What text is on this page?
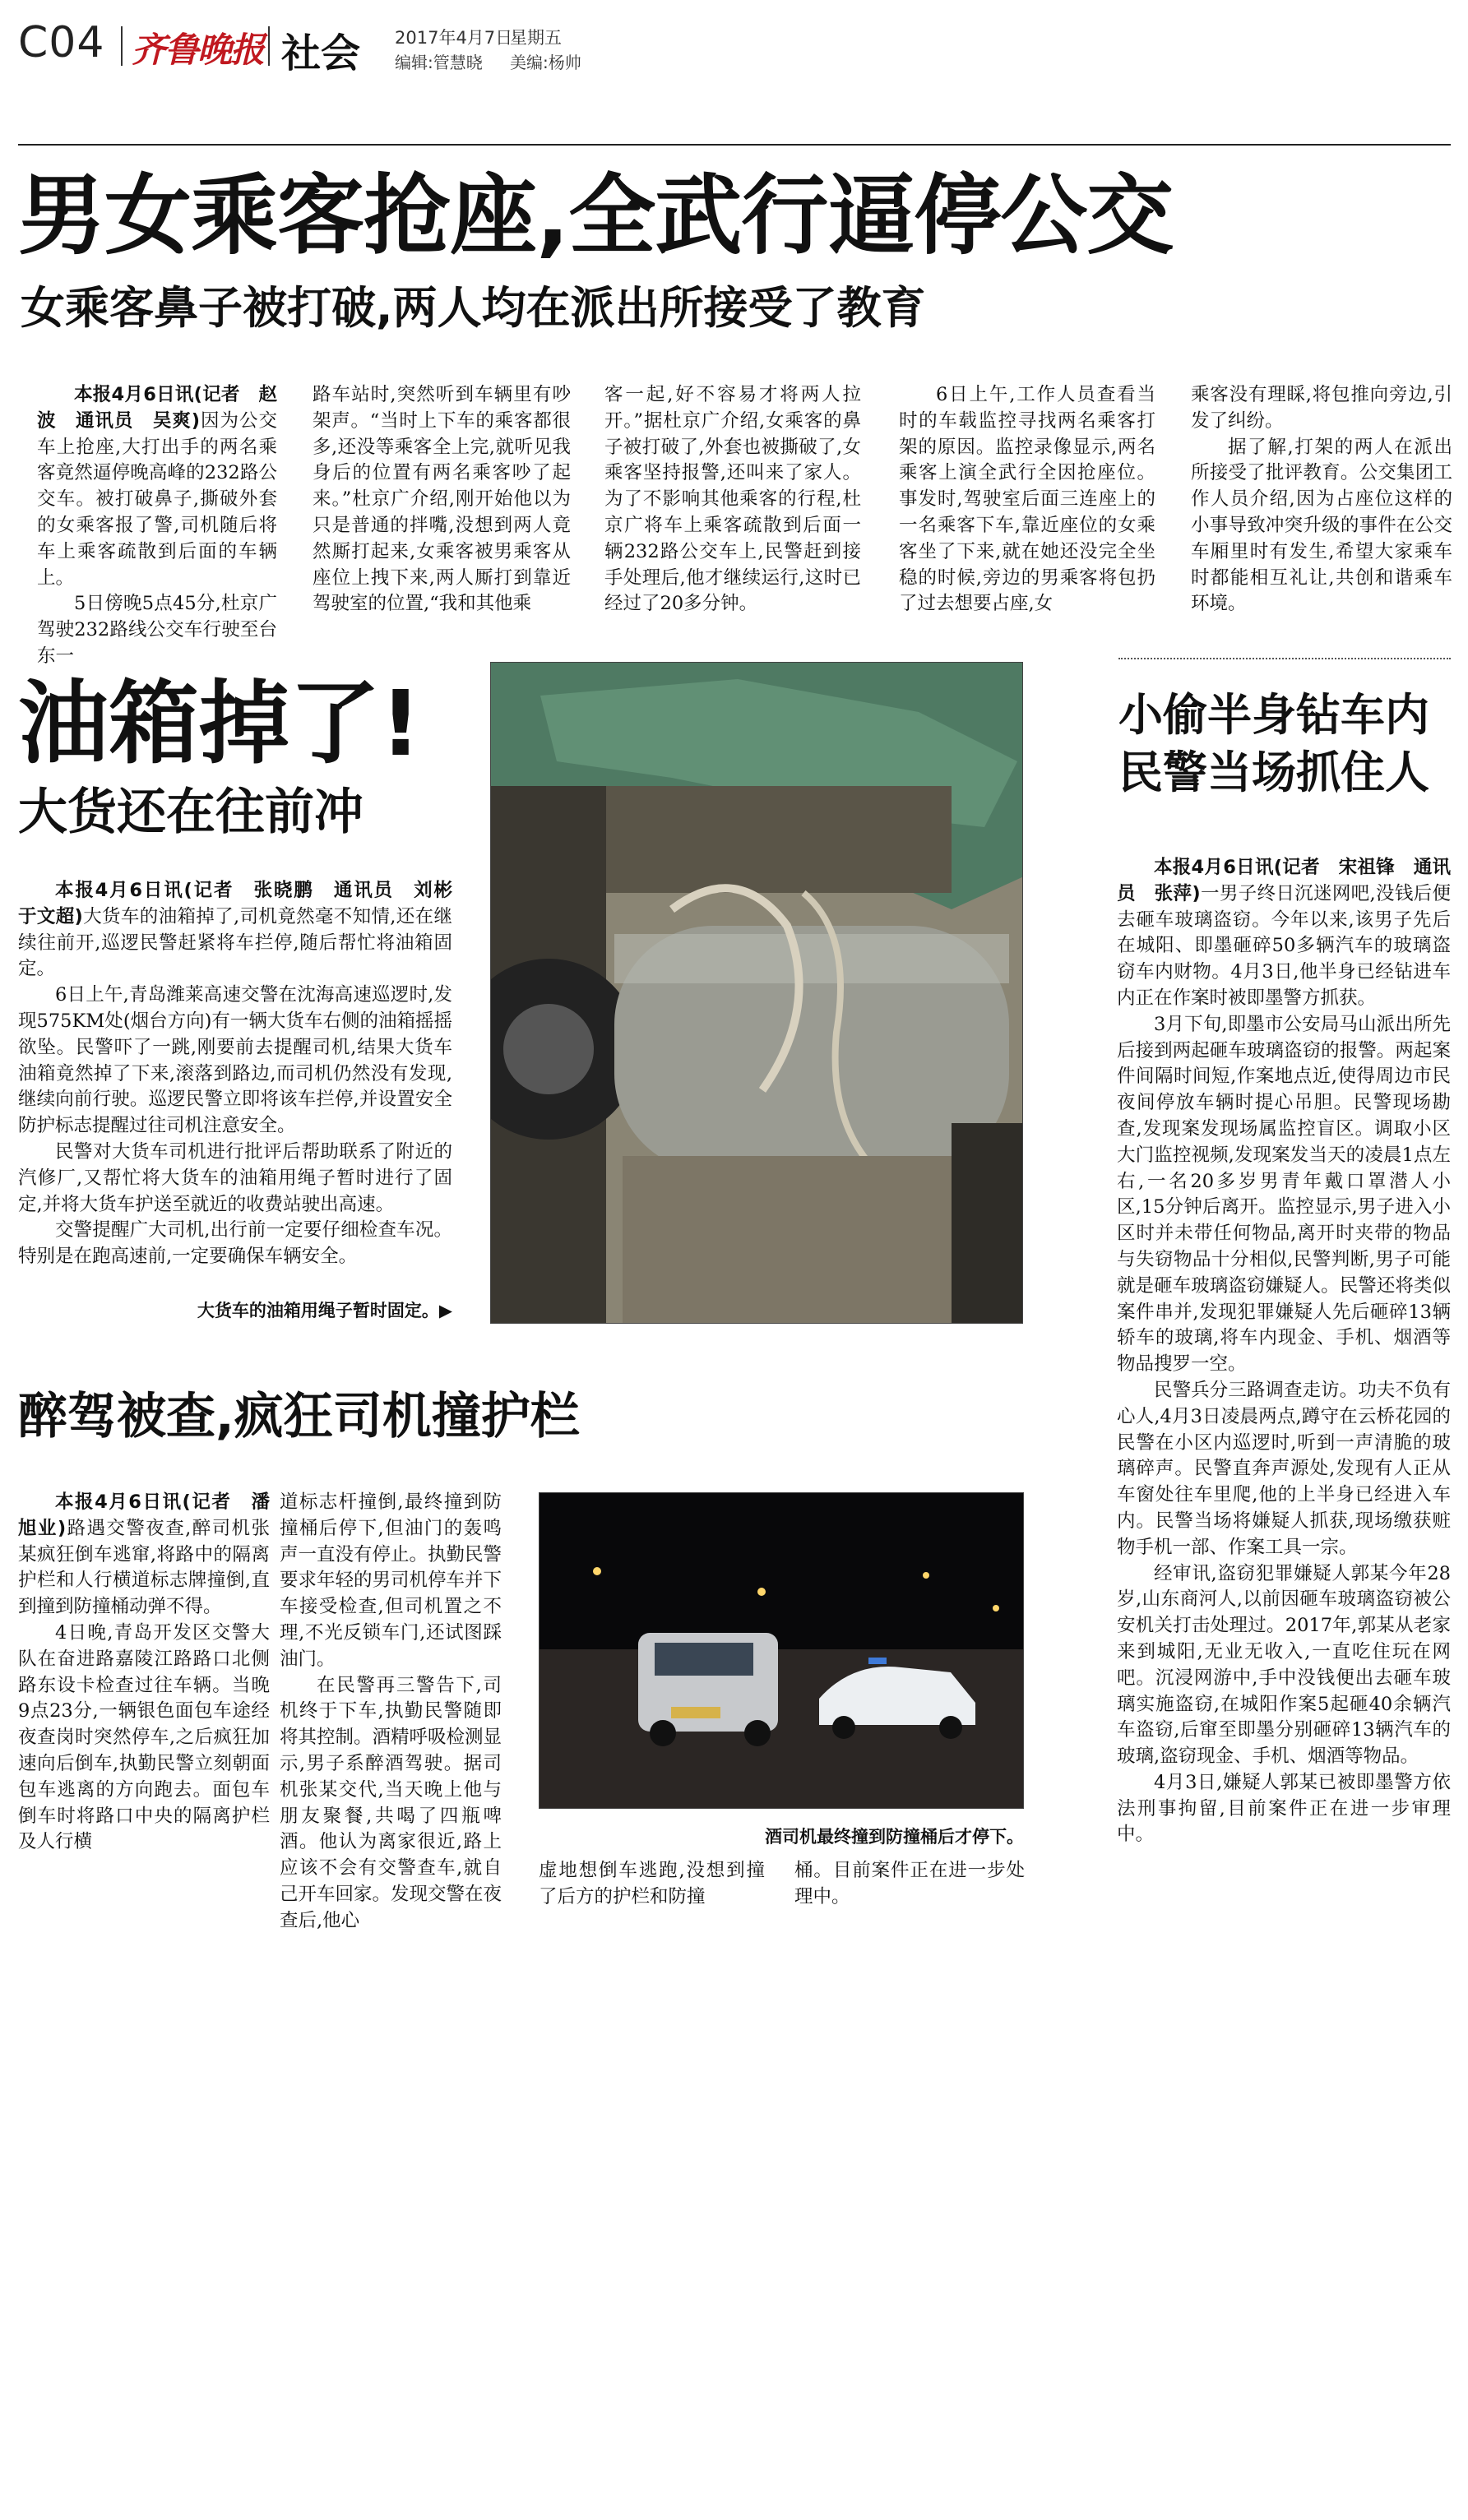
C04 齐鲁晚报 社会 2017年4月7日
星期五
编辑:管慧晓 美编:杨帅
男女乘客抢座,全武行逼停公交
女乘客鼻子被打破,两人均在派出所接受了教育

本报4月6日讯(记者　赵波　通讯员　吴爽)因为公交车上抢座,大打出手的两名乘客竟然逼停晚高峰的232路公交车。被打破鼻子,撕破外套的女乘客报了警,司机随后将车上乘客疏散到后面的车辆上。

5日傍晚5点45分,杜京广驾驶232路线公交车行驶至台东一

路车站时,突然听到车辆里有吵架声。“当时上下车的乘客都很多,还没等乘客全上完,就听见我身后的位置有两名乘客吵了起来。”杜京广介绍,刚开始他以为只是普通的拌嘴,没想到两人竟然厮打起来,女乘客被男乘客从座位上拽下来,两人厮打到靠近驾驶室的位置,“我和其他乘

客一起,好不容易才将两人拉开。”据杜京广介绍,女乘客的鼻子被打破了,外套也被撕破了,女乘客坚持报警,还叫来了家人。为了不影响其他乘客的行程,杜京广将车上乘客疏散到后面一辆232路公交车上,民警赶到接手处理后,他才继续运行,这时已经过了20多分钟。

6日上午,工作人员查看当时的车载监控寻找两名乘客打架的原因。监控录像显示,两名乘客上演全武行全因抢座位。事发时,驾驶室后面三连座上的一名乘客下车,靠近座位的女乘客坐了下来,就在她还没完全坐稳的时候,旁边的男乘客将包扔了过去想要占座,女

乘客没有理睬,将包推向旁边,引发了纠纷。

据了解,打架的两人在派出所接受了批评教育。公交集团工作人员介绍,因为占座位这样的小事导致冲突升级的事件在公交车厢里时有发生,希望大家乘车时都能相互礼让,共创和谐乘车环境。

油箱掉了!
大货还在往前冲

本报4月6日讯(记者　张晓鹏　通讯员　刘彬　于文超)大货车的油箱掉了,司机竟然毫不知情,还在继续往前开,巡逻民警赶紧将车拦停,随后帮忙将油箱固定。

6日上午,青岛潍莱高速交警在沈海高速巡逻时,发现575KM处(烟台方向)有一辆大货车右侧的油箱摇摇欲坠。民警吓了一跳,刚要前去提醒司机,结果大货车油箱竟然掉了下来,滚落到路边,而司机仍然没有发现,继续向前行驶。巡逻民警立即将该车拦停,并设置安全防护标志提醒过往司机注意安全。

民警对大货车司机进行批评后帮助联系了附近的汽修厂,又帮忙将大货车的油箱用绳子暂时进行了固定,并将大货车护送至就近的收费站驶出高速。

交警提醒广大司机,出行前一定要仔细检查车况。特别是在跑高速前,一定要确保车辆安全。

大货车的油箱用绳子暂时固定。▶
小偷半身钻车内
民警当场抓住人

本报4月6日讯(记者　宋祖锋　通讯员　张萍)一男子终日沉迷网吧,没钱后便去砸车玻璃盗窃。今年以来,该男子先后在城阳、即墨砸碎50多辆汽车的玻璃盗窃车内财物。4月3日,他半身已经钻进车内正在作案时被即墨警方抓获。

3月下旬,即墨市公安局马山派出所先后接到两起砸车玻璃盗窃的报警。两起案件间隔时间短,作案地点近,使得周边市民夜间停放车辆时提心吊胆。民警现场勘查,发现案发现场属监控盲区。调取小区大门监控视频,发现案发当天的凌晨1点左右,一名20多岁男青年戴口罩潜人小区,15分钟后离开。监控显示,男子进入小区时并未带任何物品,离开时夹带的物品与失窃物品十分相似,民警判断,男子可能就是砸车玻璃盗窃嫌疑人。民警还将类似案件串并,发现犯罪嫌疑人先后砸碎13辆轿车的玻璃,将车内现金、手机、烟酒等物品搜罗一空。

民警兵分三路调查走访。功夫不负有心人,4月3日凌晨两点,蹲守在云桥花园的民警在小区内巡逻时,听到一声清脆的玻璃碎声。民警直奔声源处,发现有人正从车窗处往车里爬,他的上半身已经进入车内。民警当场将嫌疑人抓获,现场缴获赃物手机一部、作案工具一宗。

经审讯,盗窃犯罪嫌疑人郭某今年28岁,山东商河人,以前因砸车玻璃盗窃被公安机关打击处理过。2017年,郭某从老家来到城阳,无业无收入,一直吃住玩在网吧。沉浸网游中,手中没钱便出去砸车玻璃实施盗窃,在城阳作案5起砸40余辆汽车盗窃,后窜至即墨分别砸碎13辆汽车的玻璃,盗窃现金、手机、烟酒等物品。

4月3日,嫌疑人郭某已被即墨警方依法刑事拘留,目前案件正在进一步审理中。

醉驾被查,疯狂司机撞护栏

本报4月6日讯(记者　潘旭业)路遇交警夜查,醉司机张某疯狂倒车逃窜,将路中的隔离护栏和人行横道标志牌撞倒,直到撞到防撞桶动弹不得。

4日晚,青岛开发区交警大队在奋进路嘉陵江路路口北侧路东设卡检查过往车辆。当晚9点23分,一辆银色面包车途经夜查岗时突然停车,之后疯狂加速向后倒车,执勤民警立刻朝面包车逃离的方向跑去。面包车倒车时将路口中央的隔离护栏及人行横

道标志杆撞倒,最终撞到防撞桶后停下,但油门的轰鸣声一直没有停止。执勤民警要求年轻的男司机停车并下车接受检查,但司机置之不理,不光反锁车门,还试图踩油门。

在民警再三警告下,司机终于下车,执勤民警随即将其控制。酒精呼吸检测显示,男子系醉酒驾驶。据司机张某交代,当天晚上他与朋友聚餐,共喝了四瓶啤酒。他认为离家很近,路上应该不会有交警查车,就自己开车回家。发现交警在夜查后,他心

酒司机最终撞到防撞桶后才停下。

虚地想倒车逃跑,没想到撞了后方的护栏和防撞

桶。目前案件正在进一步处理中。
